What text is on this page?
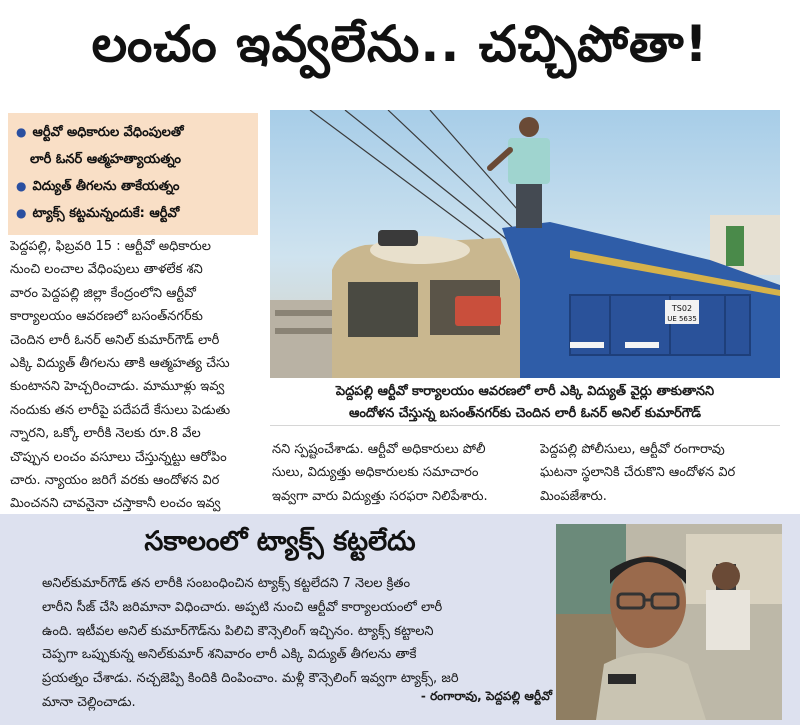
లంచం ఇవ్వలేను.. చచ్చిపోతా!
● ఆర్టీవో అధికారుల వేధింపులతో
లారీ ఓనర్ ఆత్మహత్యాయత్నం
● విద్యుత్ తీగలను తాకేయత్నం
● ట్యాక్స్ కట్టమన్నందుకే: ఆర్టీవో
TS02
UE 5635
పెద్దపల్లి ఆర్టీవో కార్యాలయం ఆవరణలో లారీ ఎక్కి విద్యుత్ వైర్లు తాకుతానని
ఆందోళన చేస్తున్న బసంత్‌నగర్‌కు చెందిన లారీ ఓనర్ అనిల్ కుమార్‌గౌడ్
పెద్దపల్లి, ఫిబ్రవరి 15 : ఆర్టీవో అధికారుల
నుంచి లంచాల వేధింపులు తాళలేక శని
వారం పెద్దపల్లి జిల్లా కేంద్రంలోని ఆర్టీవో
కార్యాలయం ఆవరణలో బసంత్‌నగర్‌కు
చెందిన లారీ ఓనర్ అనిల్ కుమార్‌గౌడ్ లారీ
ఎక్కి విద్యుత్ తీగలను తాకి ఆత్మహత్య చేసు
కుంటానని హెచ్చరించాడు. మామూళ్లు ఇవ్వ
నందుకు తన లారీపై పదేపదే కేసులు పెడుతు
న్నారని, ఒక్కో లారీకి నెలకు రూ.8 వేల
చొప్పున లంచం వసూలు చేస్తున్నట్టు ఆరోపిం
చారు. న్యాయం జరిగే వరకు ఆందోళన విర
మించనని చావనైనా చస్తాకానీ లంచం ఇవ్వ
నని స్పష్టంచేశాడు. ఆర్టీవో అధికారులు పోలీ
సులు, విద్యుత్తు అధికారులకు సమాచారం
ఇవ్వగా వారు విద్యుత్తు సరఫరా నిలిపేశారు.
పెద్దపల్లి పోలీసులు, ఆర్టీవో రంగారావు
ఘటనా స్థలానికి చేరుకొని ఆందోళన విర
మింపజేశారు.
సకాలంలో ట్యాక్స్ కట్టలేదు
అనిల్‌కుమార్‌గౌడ్ తన లారీకి సంబంధించిన ట్యాక్స్ కట్టలేదని 7 నెలల క్రితం
లారీని సీజ్ చేసి జరిమానా విధించారు. అప్పటి నుంచి ఆర్టీవో కార్యాలయంలో లారీ
ఉంది. ఇటీవల అనిల్ కుమార్‌గౌడ్‌ను పిలిచి కౌన్సెలింగ్ ఇచ్చినం. ట్యాక్స్ కట్టాలని
చెప్పగా ఒప్పుకున్న అనిల్‌కుమార్ శనివారం లారీ ఎక్కి విద్యుత్ తీగలను తాకే
ప్రయత్నం చేశాడు. నచ్చజెప్పి కిందికి దింపించాం. మళ్లీ కౌన్సెలింగ్ ఇవ్వగా ట్యాక్స్, జరి
మానా చెల్లించాడు.	- రంగారావు, పెద్దపల్లి ఆర్టీవో
